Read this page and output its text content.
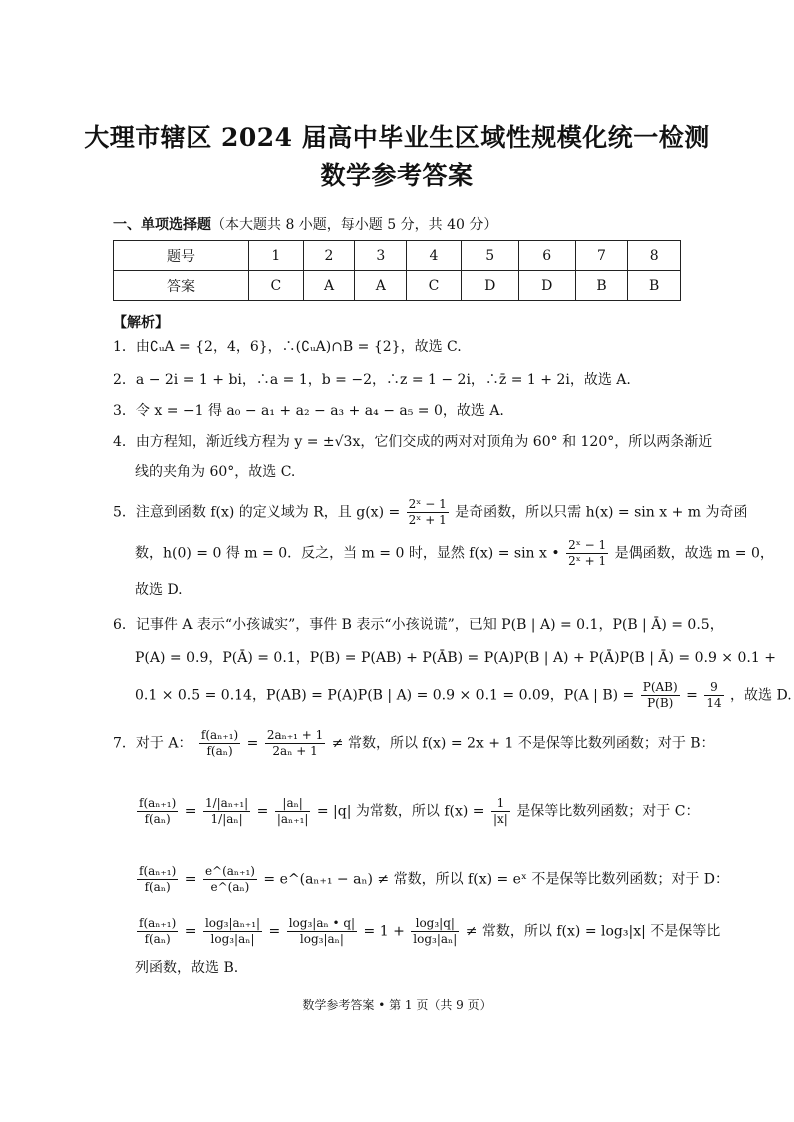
大理市辖区 2024 届高中毕业生区域性规模化统一检测
数学参考答案
一、单项选择题（本大题共 8 小题，每小题 5 分，共 40 分）
题号	1	2	3	4	5	6	7	8
答案	C	A	A	C	D	D	B	B
【解析】
1．由∁ᵤA = {2，4，6}，∴(∁ᵤA)∩B = {2}，故选 C.
2．a − 2i = 1 + bi，∴a = 1，b = −2，∴z = 1 − 2i，∴z̄ = 1 + 2i，故选 A.
3．令 x = −1 得 a₀ − a₁ + a₂ − a₃ + a₄ − a₅ = 0，故选 A.
4．由方程知，渐近线方程为 y = ±√3x，它们交成的两对对顶角为 60° 和 120°，所以两条渐近
线的夹角为 60°，故选 C.
5．注意到函数 f(x) 的定义域为 R，且 $g(x) = \frac{\text{2ˣ − 1}}{\text{2ˣ + 1}}$ 是奇函数，所以只需 h(x) = sin x + m 为奇函
数，h(0) = 0 得 m = 0．反之，当 m = 0 时，显然 f(x) = sin x • $\frac{\text{2ˣ − 1}}{\text{2ˣ + 1}}$ 是偶函数，故选 m = 0，
故选 D.
6．记事件 A 表示“小孩诚实”，事件 B 表示“小孩说谎”，已知 P(B | A) = 0.1，P(B | Ā) = 0.5，
P(A) = 0.9，P(Ā) = 0.1，P(B) = P(AB) + P(ĀB) = P(A)P(B | A) + P(Ā)P(B | Ā) = 0.9 × 0.1 +
0.1 × 0.5 = 0.14，P(AB) = P(A)P(B | A) = 0.9 × 0.1 = 0.09，P(A | $B) = \frac{P(AB)}{P(B)} = \frac{9}{14}$ ，故选 D.
7．对于 A： $\frac{\text{f(aₙ₊₁)}}{\text{f(aₙ)}} = \frac{\text{2aₙ₊₁ + 1}}{\text{2aₙ + 1}}$ ≠ 常数，所以 f(x) = 2x + 1 不是保等比数列函数；对于 B：
$\frac{\text{f(aₙ₊₁)}}{\text{f(aₙ)}} = \frac{\text{1/|aₙ₊₁|}}{\text{1/|aₙ|}} = \frac{\text{|aₙ|}}{\text{|aₙ₊₁|}} = |q|$ 为常数，所以 $f(x) = \frac{1}{|x|}$ 是保等比数列函数；对于 C：
$\frac{\text{f(aₙ₊₁)}}{\text{f(aₙ)}} = \frac{\text{e\textasciicircum{}(aₙ₊₁)}}{\text{e\textasciicircum{}(aₙ)}}$ = e^(aₙ₊₁ − aₙ) ≠ 常数，所以 f(x) = eˣ 不是保等比数列函数；对于 D：
$\frac{\text{f(aₙ₊₁)}}{\text{f(aₙ)}} = \frac{\text{log₃|aₙ₊₁|}}{\text{log₃|aₙ|}} = \frac{\text{log₃|aₙ • q|}}{\text{log₃|aₙ|}} = 1 + \frac{\text{log₃|q|}}{\text{log₃|aₙ|}}$ ≠ 常数，所以 f(x) = log₃|x| 不是保等比
列函数，故选 B.
数学参考答案 • 第 1 页（共 9 页）
